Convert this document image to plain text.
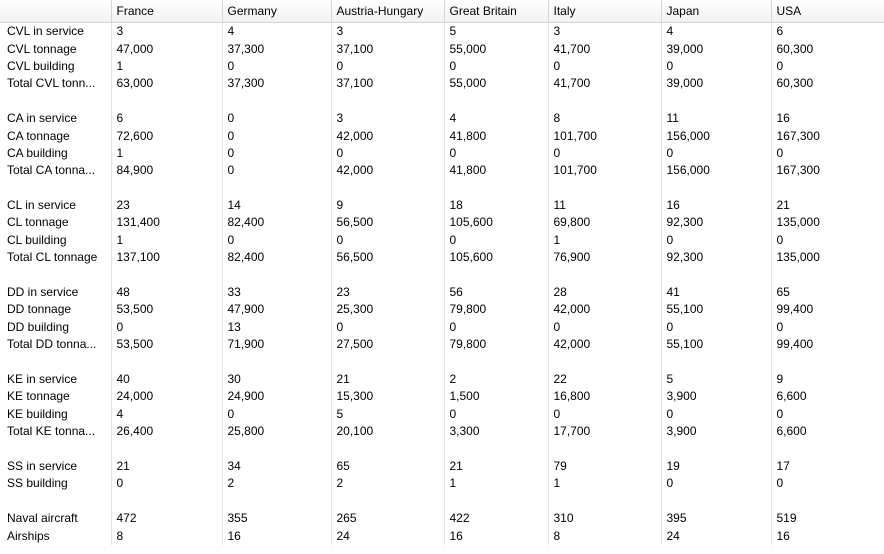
	France	Germany	Austria-Hungary	Great Britain	Italy	Japan	USA
CVL in service	3	4	3	5	3	4	6
CVL tonnage	47,000	37,300	37,100	55,000	41,700	39,000	60,300
CVL building	1	0	0	0	0	0	0
Total CVL tonn...	63,000	37,300	37,100	55,000	41,700	39,000	60,300

CA in service	6	0	3	4	8	11	16
CA tonnage	72,600	0	42,000	41,800	101,700	156,000	167,300
CA building	1	0	0	0	0	0	0
Total CA tonna...	84,900	0	42,000	41,800	101,700	156,000	167,300

CL in service	23	14	9	18	11	16	21
CL tonnage	131,400	82,400	56,500	105,600	69,800	92,300	135,000
CL building	1	0	0	0	1	0	0
Total CL tonnage	137,100	82,400	56,500	105,600	76,900	92,300	135,000

DD in service	48	33	23	56	28	41	65
DD tonnage	53,500	47,900	25,300	79,800	42,000	55,100	99,400
DD building	0	13	0	0	0	0	0
Total DD tonna...	53,500	71,900	27,500	79,800	42,000	55,100	99,400

KE in service	40	30	21	2	22	5	9
KE tonnage	24,000	24,900	15,300	1,500	16,800	3,900	6,600
KE building	4	0	5	0	0	0	0
Total KE tonna...	26,400	25,800	20,100	3,300	17,700	3,900	6,600

SS in service	21	34	65	21	79	19	17
SS building	0	2	2	1	1	0	0

Naval aircraft	472	355	265	422	310	395	519
Airships	8	16	24	16	8	24	16
